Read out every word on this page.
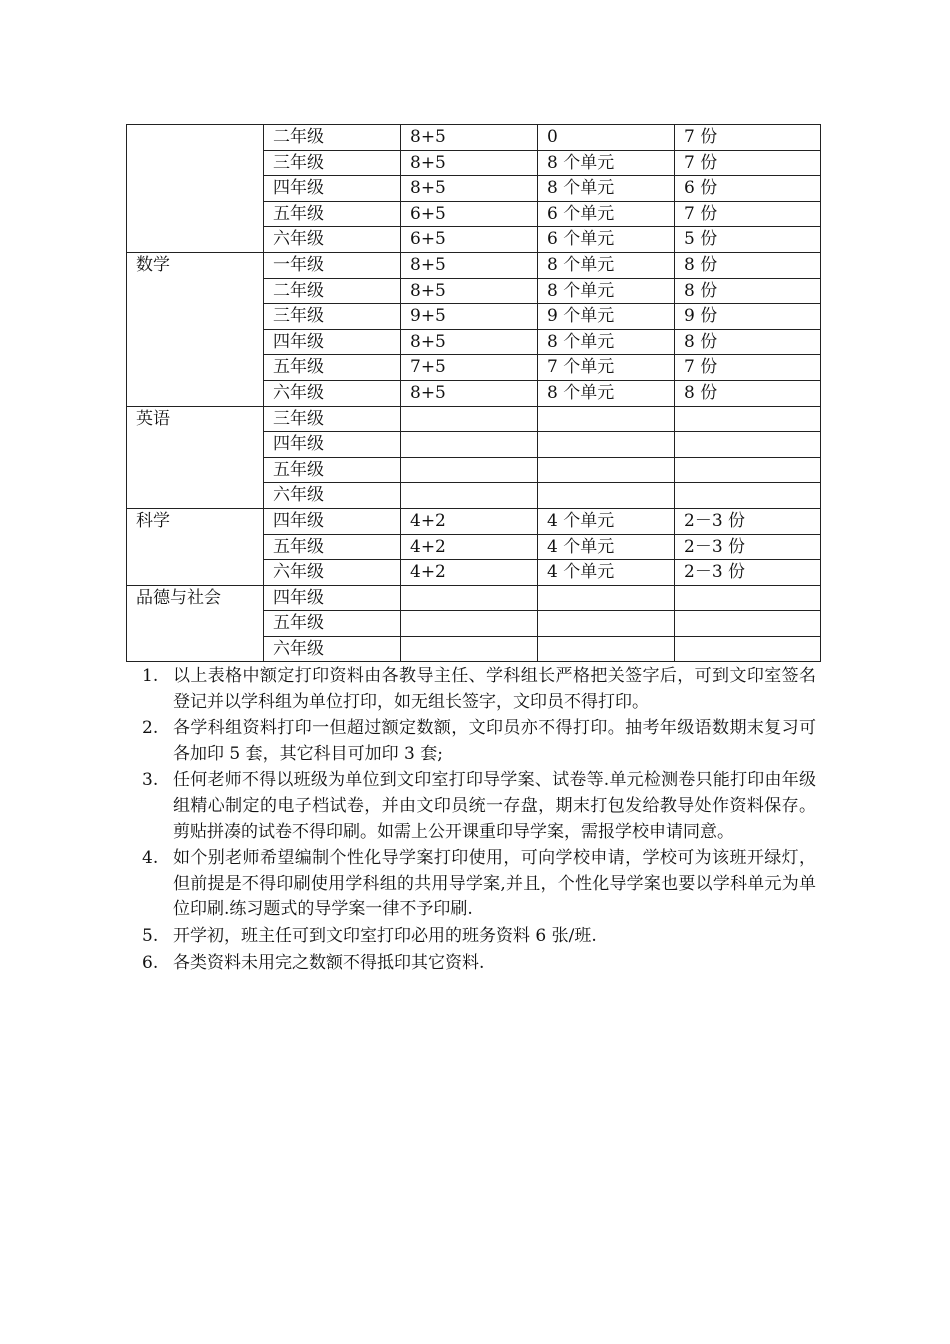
	二年级	8+5	0	7 份
	三年级	8+5	8 个单元	7 份
	四年级	8+5	8 个单元	6 份
	五年级	6+5	6 个单元	7 份
	六年级	6+5	6 个单元	5 份
数学	一年级	8+5	8 个单元	8 份
	二年级	8+5	8 个单元	8 份
	三年级	9+5	9 个单元	9 份
	四年级	8+5	8 个单元	8 份
	五年级	7+5	7 个单元	7 份
	六年级	8+5	8 个单元	8 份
英语	三年级			
	四年级			
	五年级			
	六年级			
科学	四年级	4+2	4 个单元	2－3 份
	五年级	4+2	4 个单元	2－3 份
	六年级	4+2	4 个单元	2－3 份
品德与社会	四年级			
	五年级			
	六年级			
1. 以上表格中额定打印资料由各教导主任、学科组长严格把关签字后，可到文印室签名登记并以学科组为单位打印，如无组长签字，文印员不得打印。
2. 各学科组资料打印一但超过额定数额，文印员亦不得打印。抽考年级语数期末复习可各加印 5 套，其它科目可加印 3 套;
3. 任何老师不得以班级为单位到文印室打印导学案、试卷等.单元检测卷只能打印由年级组精心制定的电子档试卷，并由文印员统一存盘，期末打包发给教导处作资料保存。剪贴拼凑的试卷不得印刷。如需上公开课重印导学案，需报学校申请同意。
4. 如个别老师希望编制个性化导学案打印使用，可向学校申请，学校可为该班开绿灯，但前提是不得印刷使用学科组的共用导学案,并且，个性化导学案也要以学科单元为单位印刷.练习题式的导学案一律不予印刷.
5. 开学初，班主任可到文印室打印必用的班务资料 6 张/班.
6. 各类资料未用完之数额不得抵印其它资料.
